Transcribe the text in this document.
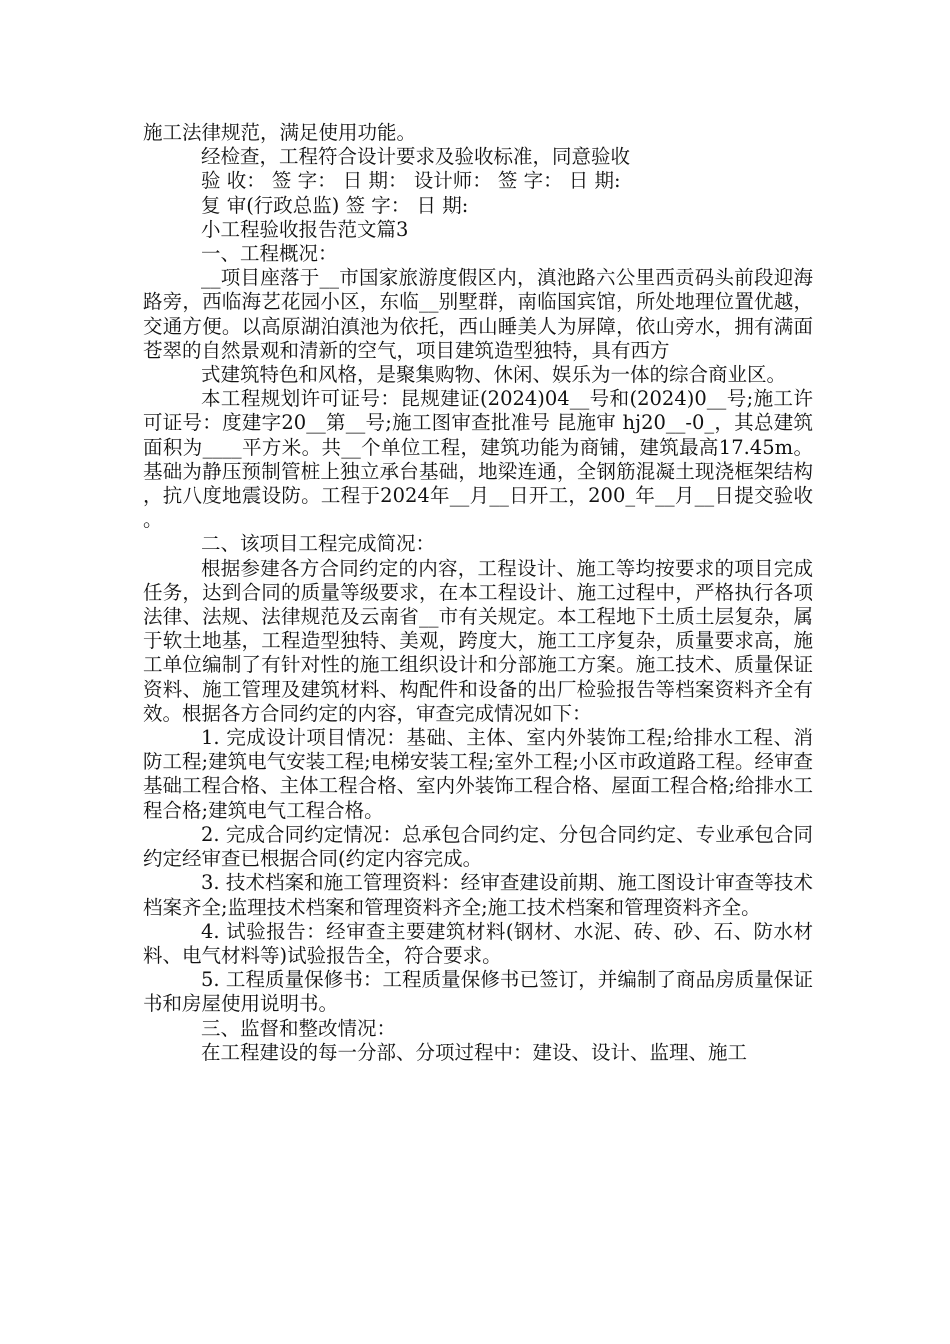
施工法律规范，满足使用功能。

经检查，工程符合设计要求及验收标准，同意验收

验 收： 签 字： 日 期： 设计师： 签 字： 日 期:

复 审(行政总监) 签 字： 日 期:

小工程验收报告范文篇3

一、工程概况：

__项目座落于__市国家旅游度假区内，滇池路六公里西贡码头前段迎海路旁，西临海艺花园小区，东临__别墅群，南临国宾馆，所处地理位置优越，交通方便。以高原湖泊滇池为依托，西山睡美人为屏障，依山旁水，拥有满面苍翠的自然景观和清新的空气，项目建筑造型独特，具有西方

式建筑特色和风格，是聚集购物、休闲、娱乐为一体的综合商业区。

本工程规划许可证号：昆规建证(2024)04__号和(2024)0__号;施工许可证号：度建字20__第__号;施工图审查批准号 昆施审 hj20__-0_，其总建筑面积为____平方米。共__个单位工程，建筑功能为商铺，建筑最高17.45m。基础为静压预制管桩上独立承台基础，地梁连通，全钢筋混凝土现浇框架结构，抗八度地震设防。工程于2024年__月__日开工，200_年__月__日提交验收。

二、该项目工程完成简况：

根据参建各方合同约定的内容，工程设计、施工等均按要求的项目完成任务，达到合同的质量等级要求，在本工程设计、施工过程中，严格执行各项法律、法规、法律规范及云南省__市有关规定。本工程地下土质土层复杂，属于软土地基，工程造型独特、美观，跨度大，施工工序复杂，质量要求高，施工单位编制了有针对性的施工组织设计和分部施工方案。施工技术、质量保证资料、施工管理及建筑材料、构配件和设备的出厂检验报告等档案资料齐全有效。根据各方合同约定的内容，审查完成情况如下：

1. 完成设计项目情况：基础、主体、室内外装饰工程;给排水工程、消防工程;建筑电气安装工程;电梯安装工程;室外工程;小区市政道路工程。经审查基础工程合格、主体工程合格、室内外装饰工程合格、屋面工程合格;给排水工程合格;建筑电气工程合格。

2. 完成合同约定情况：总承包合同约定、分包合同约定、专业承包合同约定经审查已根据合同(约定内容完成。

3. 技术档案和施工管理资料：经审查建设前期、施工图设计审查等技术档案齐全;监理技术档案和管理资料齐全;施工技术档案和管理资料齐全。

4. 试验报告：经审查主要建筑材料(钢材、水泥、砖、砂、石、防水材料、电气材料等)试验报告全，符合要求。

5. 工程质量保修书：工程质量保修书已签订，并编制了商品房质量保证书和房屋使用说明书。

三、监督和整改情况：

在工程建设的每一分部、分项过程中：建设、设计、监理、施工
